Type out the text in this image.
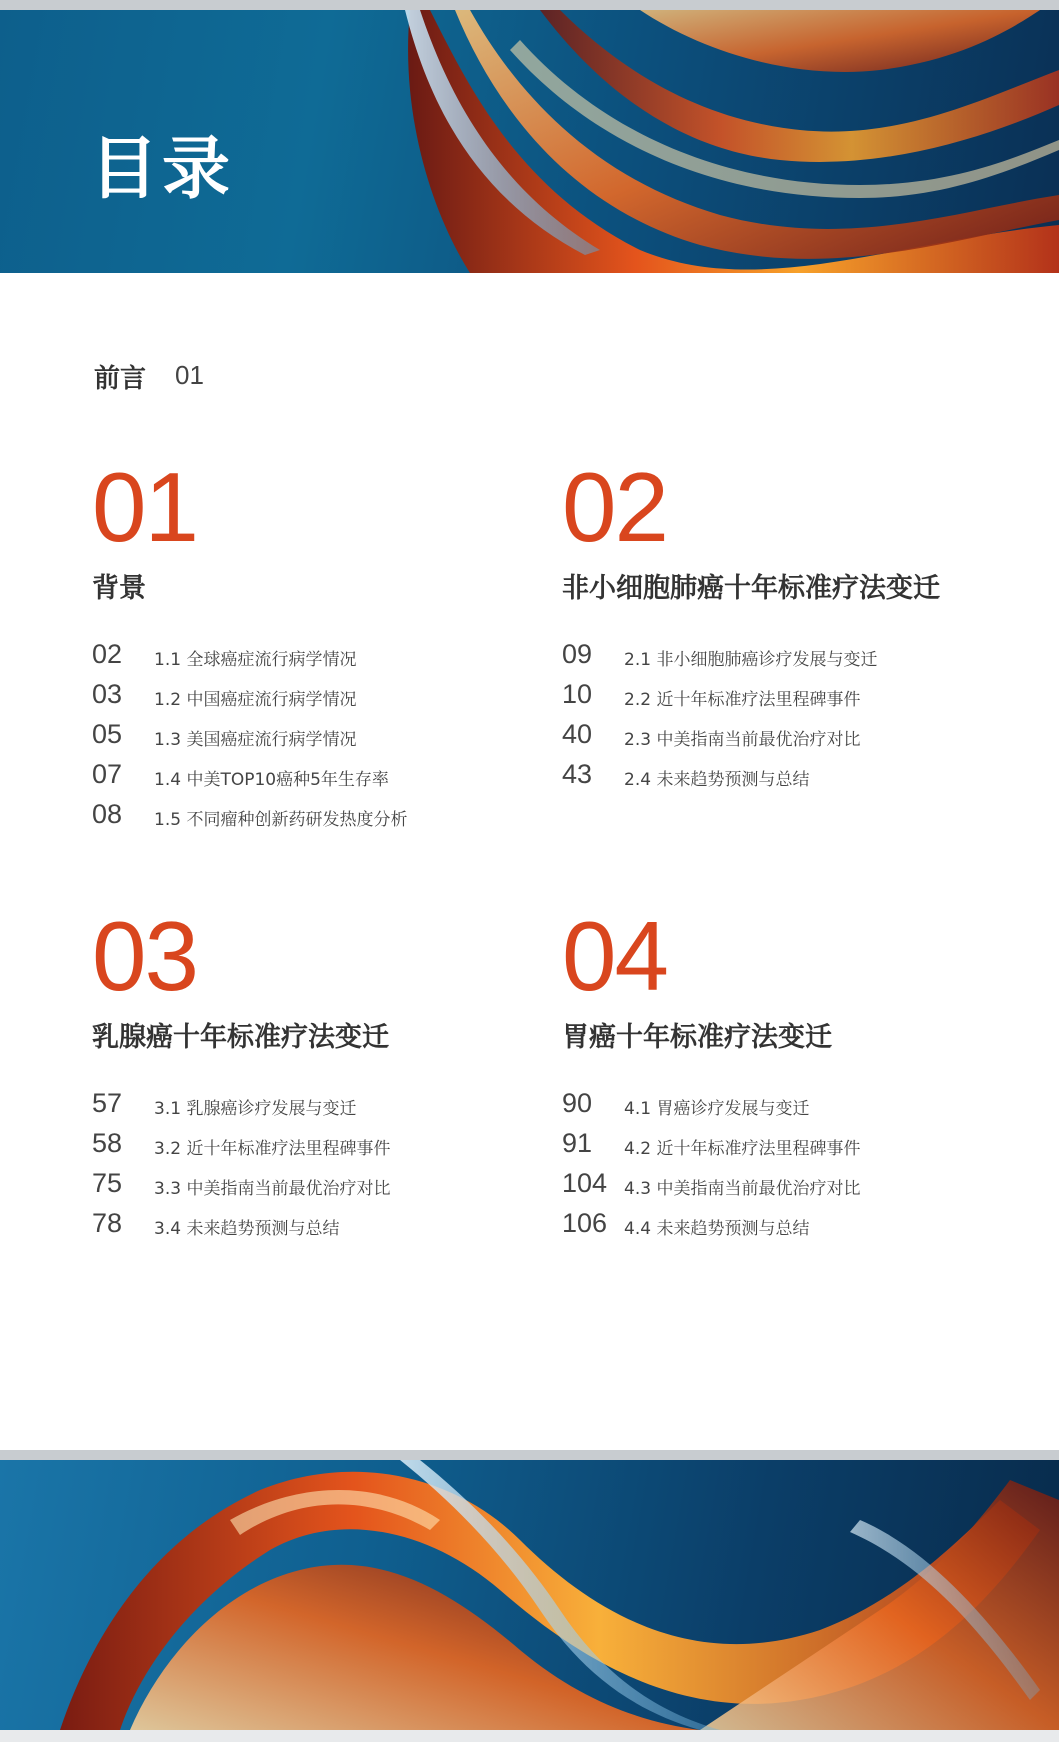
目录
前言 01
01
背景
02 1.1 全球癌症流行病学情况
03 1.2 中国癌症流行病学情况
05 1.3 美国癌症流行病学情况
07 1.4 中美TOP10癌种5年生存率
08 1.5 不同瘤种创新药研发热度分析
02
非小细胞肺癌十年标准疗法变迁
09 2.1 非小细胞肺癌诊疗发展与变迁
10 2.2 近十年标准疗法里程碑事件
40 2.3 中美指南当前最优治疗对比
43 2.4 未来趋势预测与总结
03
乳腺癌十年标准疗法变迁
57 3.1 乳腺癌诊疗发展与变迁
58 3.2 近十年标准疗法里程碑事件
75 3.3 中美指南当前最优治疗对比
78 3.4 未来趋势预测与总结
04
胃癌十年标准疗法变迁
90 4.1 胃癌诊疗发展与变迁
91 4.2 近十年标准疗法里程碑事件
104 4.3 中美指南当前最优治疗对比
106 4.4 未来趋势预测与总结
